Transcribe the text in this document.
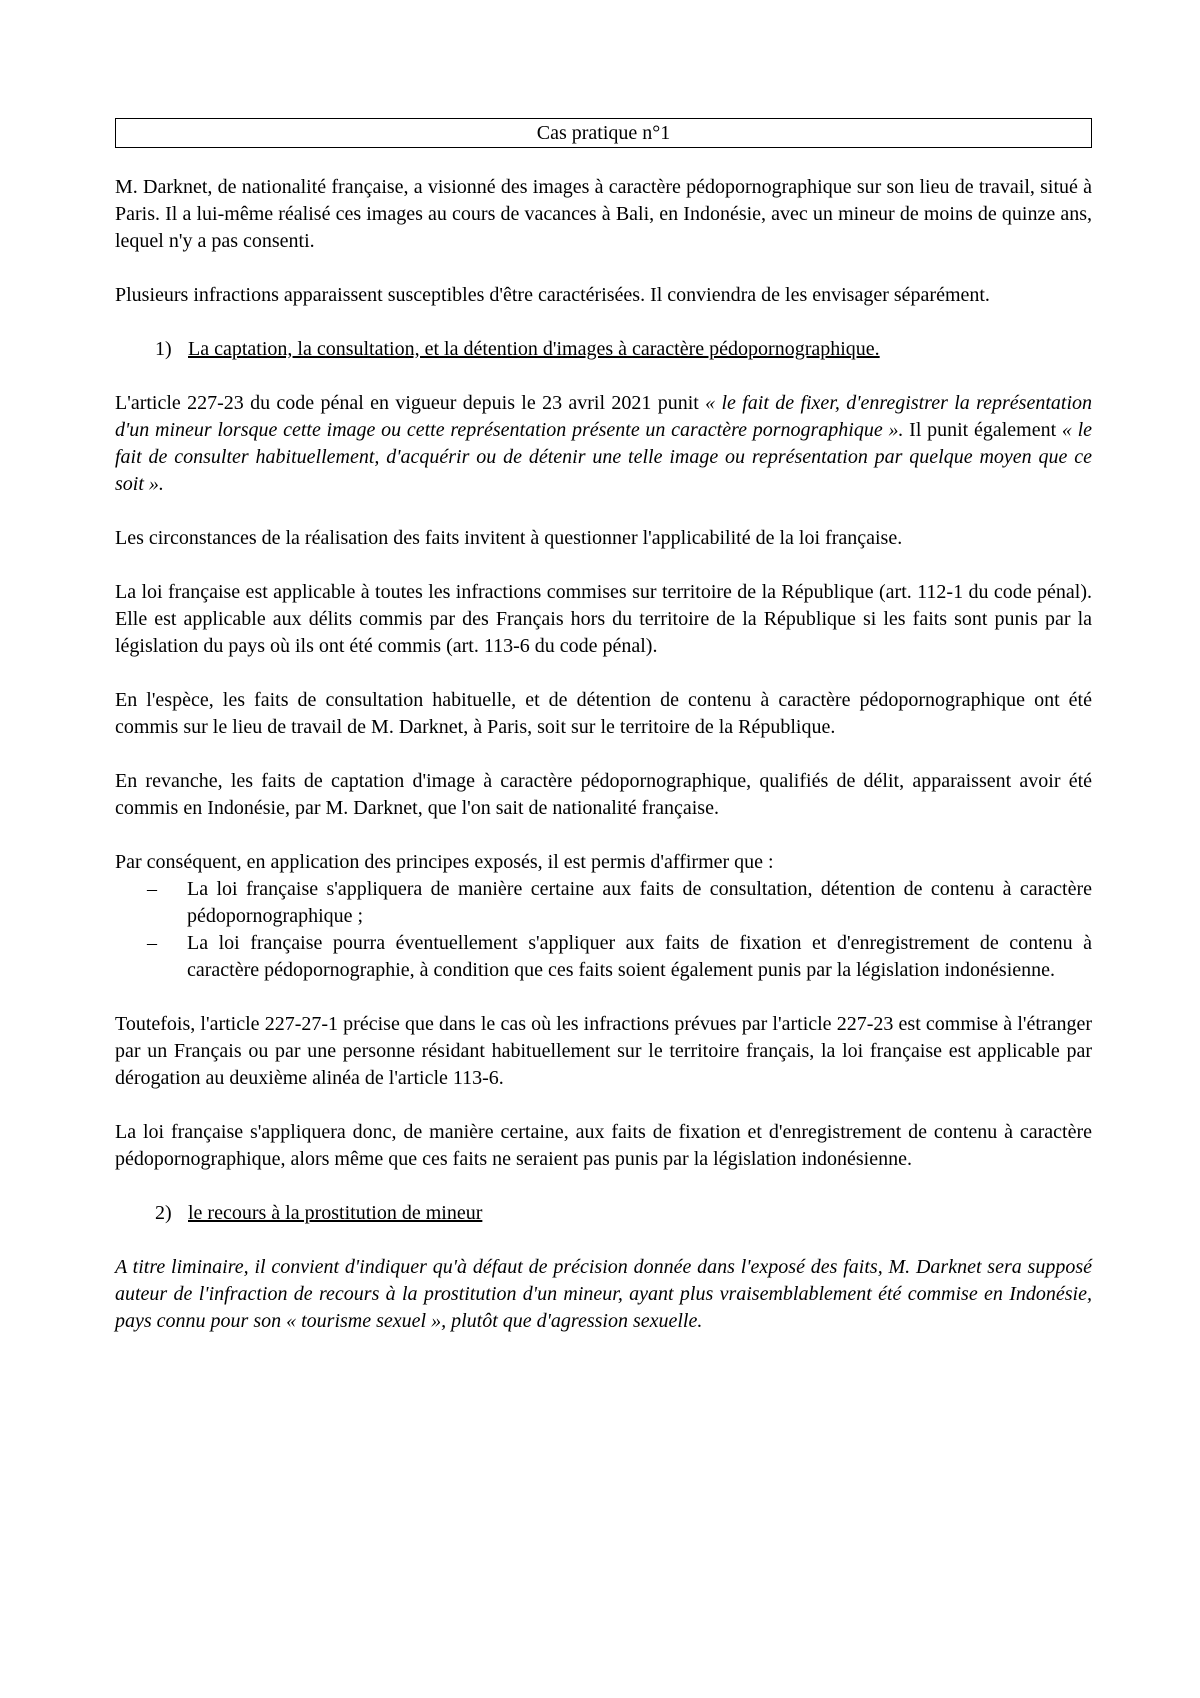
Cas pratique n°1

M. Darknet, de nationalité française, a visionné des images à caractère pédopornographique sur son lieu de travail, situé à Paris. Il a lui-même réalisé ces images au cours de vacances à Bali, en Indonésie, avec un mineur de moins de quinze ans, lequel n'y a pas consenti.

Plusieurs infractions apparaissent susceptibles d'être caractérisées. Il conviendra de les envisager séparément.

1) La captation, la consultation, et la détention d'images à caractère pédopornographique.

L'article 227-23 du code pénal en vigueur depuis le 23 avril 2021 punit « le fait de fixer, d'enregistrer la représentation d'un mineur lorsque cette image ou cette représentation présente un caractère pornographique ». Il punit également « le fait de consulter habituellement, d'acquérir ou de détenir une telle image ou représentation par quelque moyen que ce soit ».

Les circonstances de la réalisation des faits invitent à questionner l'applicabilité de la loi française.

La loi française est applicable à toutes les infractions commises sur territoire de la République (art. 112-1 du code pénal). Elle est applicable aux délits commis par des Français hors du territoire de la République si les faits sont punis par la législation du pays où ils ont été commis (art. 113-6 du code pénal).

En l'espèce, les faits de consultation habituelle, et de détention de contenu à caractère pédopornographique ont été commis sur le lieu de travail de M. Darknet, à Paris, soit sur le territoire de la République.

En revanche, les faits de captation d'image à caractère pédopornographique, qualifiés de délit, apparaissent avoir été commis en Indonésie, par M. Darknet, que l'on sait de nationalité française.

Par conséquent, en application des principes exposés, il est permis d'affirmer que :

– La loi française s'appliquera de manière certaine aux faits de consultation, détention de contenu à caractère pédopornographique ;
– La loi française pourra éventuellement s'appliquer aux faits de fixation et d'enregistrement de contenu à caractère pédopornographie, à condition que ces faits soient également punis par la législation indonésienne.

Toutefois, l'article 227-27-1 précise que dans le cas où les infractions prévues par l'article 227-23 est commise à l'étranger par un Français ou par une personne résidant habituellement sur le territoire français, la loi française est applicable par dérogation au deuxième alinéa de l'article 113-6.

La loi française s'appliquera donc, de manière certaine, aux faits de fixation et d'enregistrement de contenu à caractère pédopornographique, alors même que ces faits ne seraient pas punis par la législation indonésienne.

2) le recours à la prostitution de mineur

A titre liminaire, il convient d'indiquer qu'à défaut de précision donnée dans l'exposé des faits, M. Darknet sera supposé auteur de l'infraction de recours à la prostitution d'un mineur, ayant plus vraisemblablement été commise en Indonésie, pays connu pour son « tourisme sexuel », plutôt que d'agression sexuelle.
